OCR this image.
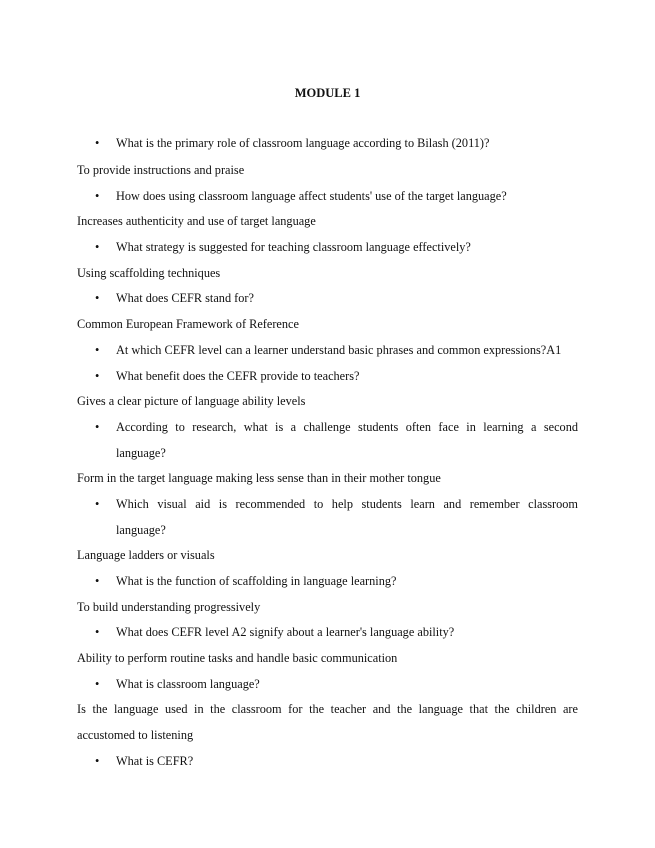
MODULE 1
• What is the primary role of classroom language according to Bilash (2011)?
To provide instructions and praise
• How does using classroom language affect students' use of the target language?
Increases authenticity and use of target language
• What strategy is suggested for teaching classroom language effectively?
Using scaffolding techniques
• What does CEFR stand for?
Common European Framework of Reference
• At which CEFR level can a learner understand basic phrases and common expressions?A1
• What benefit does the CEFR provide to teachers?
Gives a clear picture of language ability levels
• According to research, what is a challenge students often face in learning a second
language?
Form in the target language making less sense than in their mother tongue
• Which visual aid is recommended to help students learn and remember classroom
language?
Language ladders or visuals
• What is the function of scaffolding in language learning?
To build understanding progressively
• What does CEFR level A2 signify about a learner's language ability?
Ability to perform routine tasks and handle basic communication
• What is classroom language?
Is the language used in the classroom for the teacher and the language that the children are
accustomed to listening
• What is CEFR?
